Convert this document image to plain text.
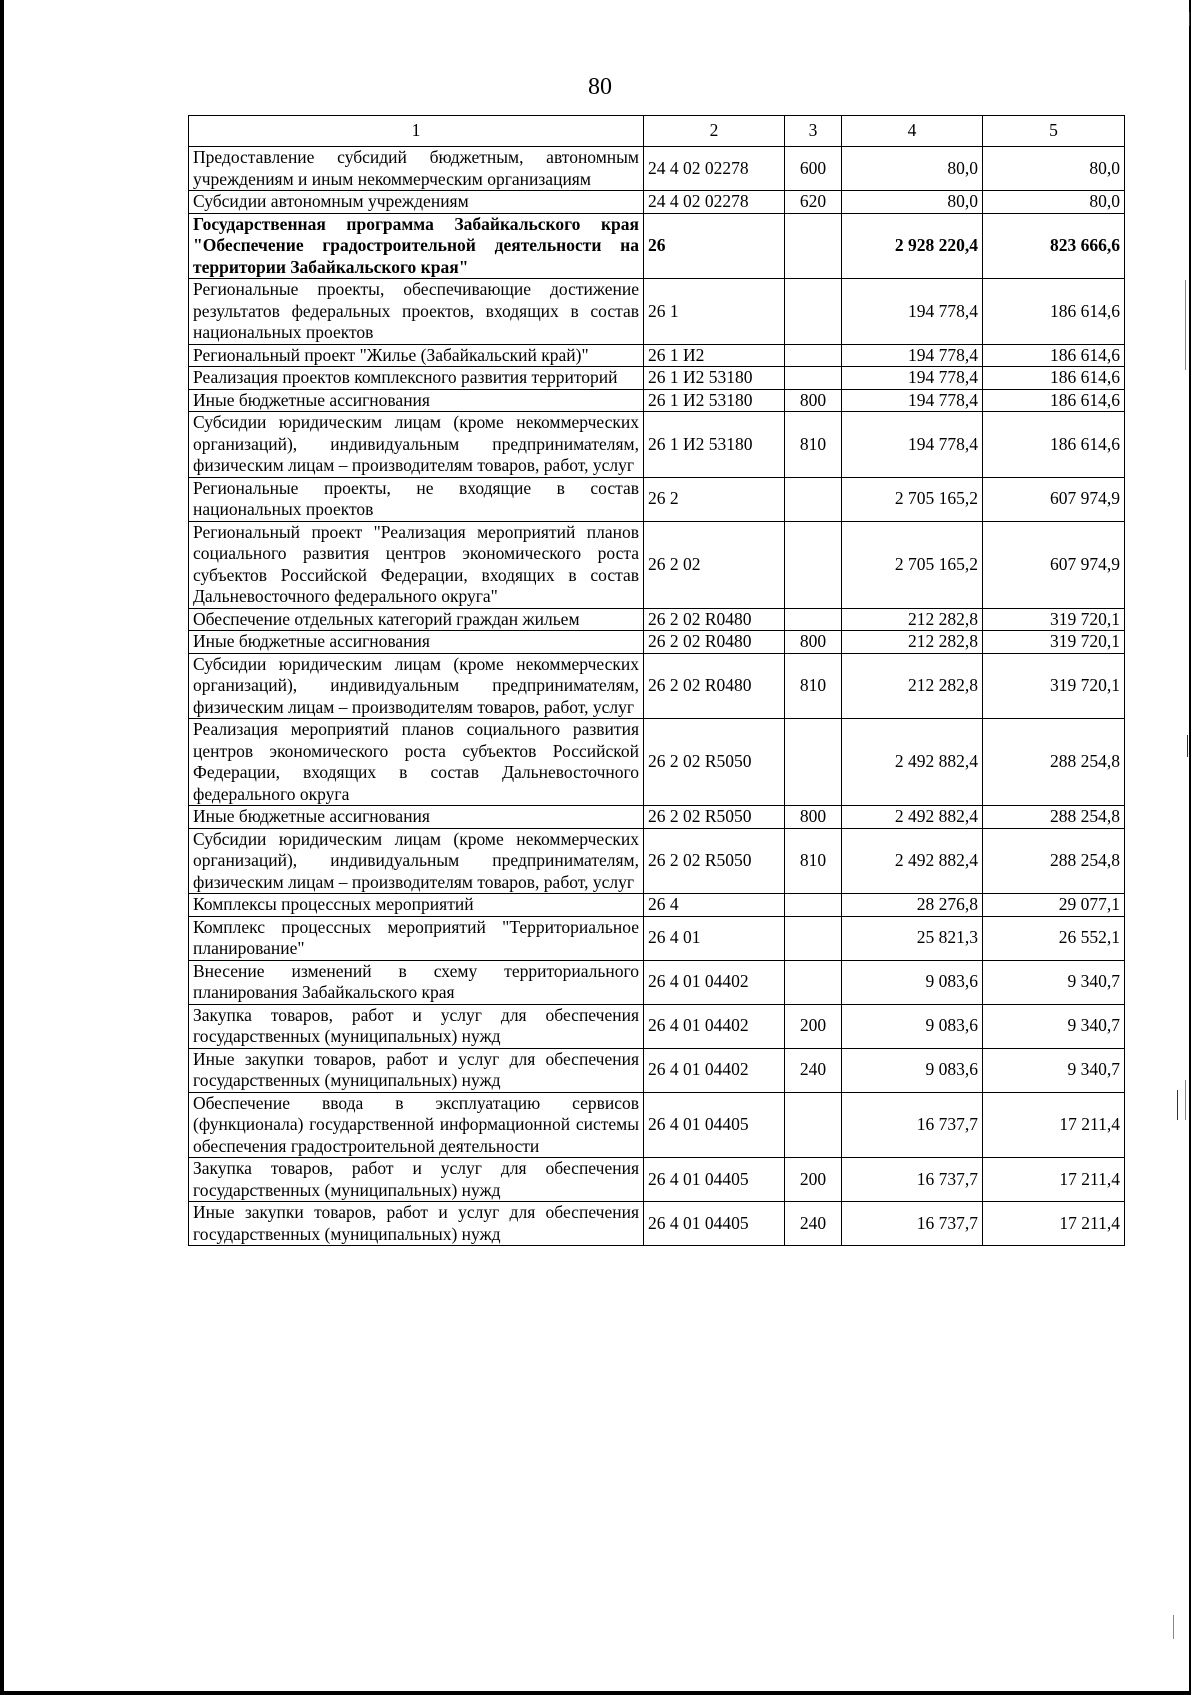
80
1	2	3	4	5
Предоставление субсидий бюджетным, автономным учреждениям и иным некоммерческим организациям	24 4 02 02278	600	80,0	80,0
Субсидии автономным учреждениям	24 4 02 02278	620	80,0	80,0
Государственная программа Забайкальского края "Обеспечение градостроительной деятельности на территории Забайкальского края"	26		2 928 220,4	823 666,6
Региональные проекты, обеспечивающие достижение результатов федеральных проектов, входящих в состав национальных проектов	26 1		194 778,4	186 614,6
Региональный проект "Жилье (Забайкальский край)"	26 1 И2		194 778,4	186 614,6
Реализация проектов комплексного развития территорий	26 1 И2 53180		194 778,4	186 614,6
Иные бюджетные ассигнования	26 1 И2 53180	800	194 778,4	186 614,6
Субсидии юридическим лицам (кроме некоммерческих организаций), индивидуальным предпринимателям, физическим лицам – производителям товаров, работ, услуг	26 1 И2 53180	810	194 778,4	186 614,6
Региональные проекты, не входящие в состав национальных проектов	26 2		2 705 165,2	607 974,9
Региональный проект "Реализация мероприятий планов социального развития центров экономического роста субъектов Российской Федерации, входящих в состав Дальневосточного федерального округа"	26 2 02		2 705 165,2	607 974,9
Обеспечение отдельных категорий граждан жильем	26 2 02 R0480		212 282,8	319 720,1
Иные бюджетные ассигнования	26 2 02 R0480	800	212 282,8	319 720,1
Субсидии юридическим лицам (кроме некоммерческих организаций), индивидуальным предпринимателям, физическим лицам – производителям товаров, работ, услуг	26 2 02 R0480	810	212 282,8	319 720,1
Реализация мероприятий планов социального развития центров экономического роста субъектов Российской Федерации, входящих в состав Дальневосточного федерального округа	26 2 02 R5050		2 492 882,4	288 254,8
Иные бюджетные ассигнования	26 2 02 R5050	800	2 492 882,4	288 254,8
Субсидии юридическим лицам (кроме некоммерческих организаций), индивидуальным предпринимателям, физическим лицам – производителям товаров, работ, услуг	26 2 02 R5050	810	2 492 882,4	288 254,8
Комплексы процессных мероприятий	26 4		28 276,8	29 077,1
Комплекс процессных мероприятий "Территориальное планирование"	26 4 01		25 821,3	26 552,1
Внесение изменений в схему территориального планирования Забайкальского края	26 4 01 04402		9 083,6	9 340,7
Закупка товаров, работ и услуг для обеспечения государственных (муниципальных) нужд	26 4 01 04402	200	9 083,6	9 340,7
Иные закупки товаров, работ и услуг для обеспечения государственных (муниципальных) нужд	26 4 01 04402	240	9 083,6	9 340,7
Обеспечение ввода в эксплуатацию сервисов (функционала) государственной информационной системы обеспечения градостроительной деятельности	26 4 01 04405		16 737,7	17 211,4
Закупка товаров, работ и услуг для обеспечения государственных (муниципальных) нужд	26 4 01 04405	200	16 737,7	17 211,4
Иные закупки товаров, работ и услуг для обеспечения государственных (муниципальных) нужд	26 4 01 04405	240	16 737,7	17 211,4
